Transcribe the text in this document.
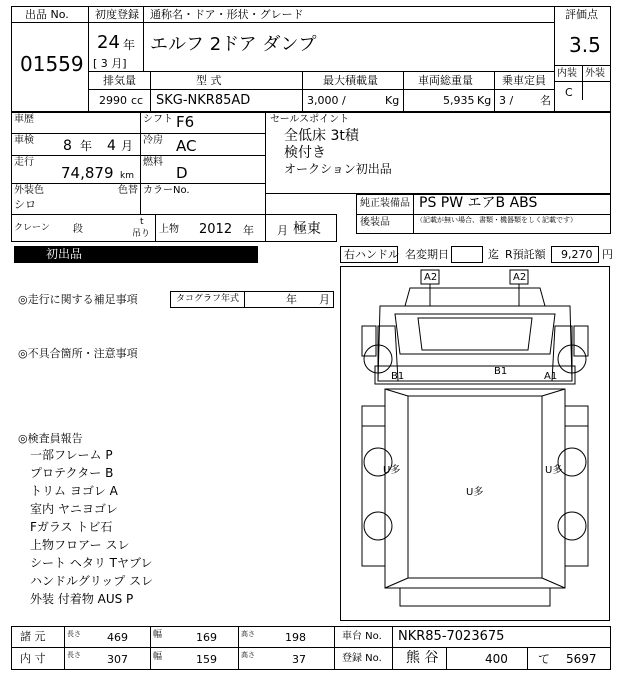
出品 No.
01559
初度登録
24 年
[ 3 月]
通称名・ドア・形状・グレード
エルフ 2ドア ダンプ
評価点
3.5
内装 外装
C
排気量
2990 cc
型 式
SKG-NKR85AD
最大積載量
3,000 /	Kg
車両総重量
5,935 Kg
乗車定員
3 / 名
車歴	シフト F6
車検 8 年 4 月 冷房 AC
走行
74,879 km
燃料
D
外装色	色替 カラーNo.
シロ
クレーン 段
t
吊り 上物 2012 年 月 極東
セールスポイント
全低床 3t積
検付き
オークション初出品
純正装備品 PS PW エアB ABS
後装品	（記載が無い場合、書類・機器類をしく記載です）
初出品	右ハンドル 名変期日	迄 R預託額 9,270 円
◎走行に関する補足事項	タコグラフ年式	年 月
◎不具合箇所・注意事項
◎検査員報告
一部フレーム P
プロテクター B
トリム ヨゴレ A
室内 ヤニヨゴレ
Fガラス トビ石
上物フロアー スレ
シート ヘタリ Tヤブレ
ハンドルグリップ スレ
外装 付着物 AUS P
A2	A2
B1	B1	A1
U多
U多
U多
諸 元
内 寸
長さ 469	幅	169	高さ	198
長さ 307	幅	159	高さ	37
車台 No. NKR85-7023675
登録 No. 熊 谷	400	て 5697
